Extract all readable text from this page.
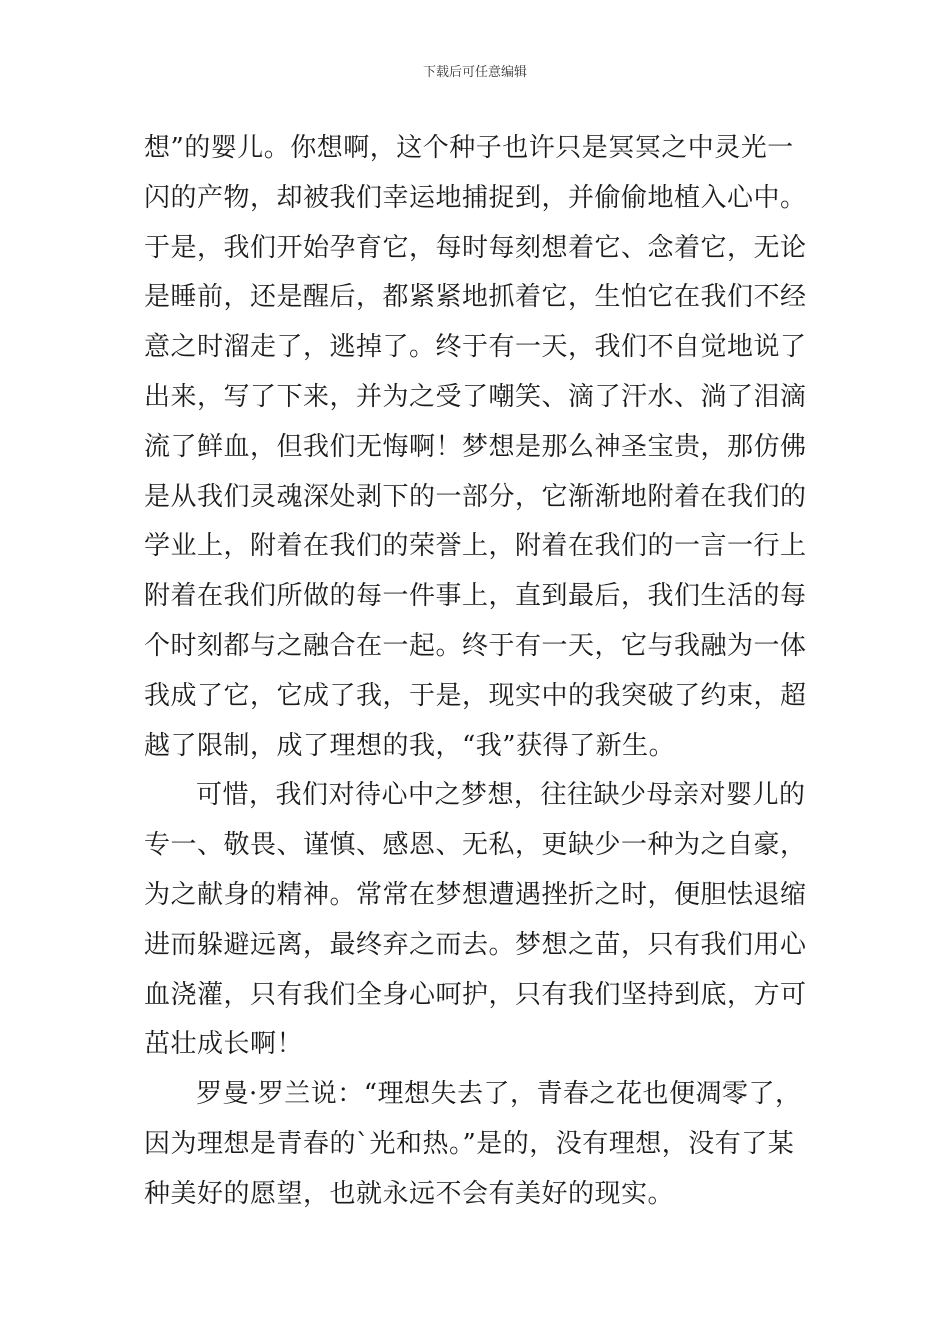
下载后可任意编辑
想”的婴儿。你想啊，这个种子也许只是冥冥之中灵光一
闪的产物，却被我们幸运地捕捉到，并偷偷地植入心中。
于是，我们开始孕育它，每时每刻想着它、念着它，无论
是睡前，还是醒后，都紧紧地抓着它，生怕它在我们不经
意之时溜走了，逃掉了。终于有一天，我们不自觉地说了
出来，写了下来，并为之受了嘲笑、滴了汗水、淌了泪滴
流了鲜血，但我们无悔啊！梦想是那么神圣宝贵，那仿佛
是从我们灵魂深处剥下的一部分，它渐渐地附着在我们的
学业上，附着在我们的荣誉上，附着在我们的一言一行上
附着在我们所做的每一件事上，直到最后，我们生活的每
个时刻都与之融合在一起。终于有一天，它与我融为一体
我成了它，它成了我，于是，现实中的我突破了约束，超
越了限制，成了理想的我，“我”获得了新生。
可惜，我们对待心中之梦想，往往缺少母亲对婴儿的
专一、敬畏、谨慎、感恩、无私，更缺少一种为之自豪，
为之献身的精神。常常在梦想遭遇挫折之时，便胆怯退缩
进而躲避远离，最终弃之而去。梦想之苗，只有我们用心
血浇灌，只有我们全身心呵护，只有我们坚持到底，方可
茁壮成长啊！
罗曼·罗兰说：“理想失去了，青春之花也便凋零了，
因为理想是青春的`光和热。”是的，没有理想，没有了某
种美好的愿望，也就永远不会有美好的现实。
